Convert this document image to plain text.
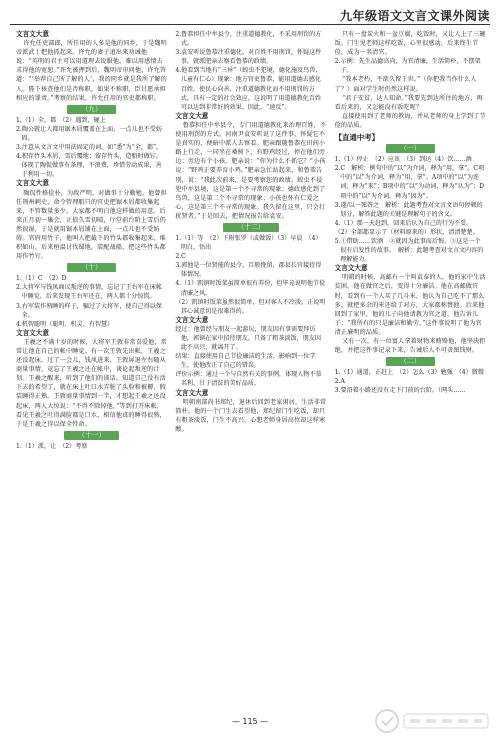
九年级语文文言文课外阅读

文言文大意

许允任吏部郎，所任用的人多是他的同乡，于是魏明帝派武士把他抓起来。许允的妻子追出来劝诫他说：“英明的君主可以用道理去说服他，难以用感情去求得他的宽恕。”许允被押到后，魏明帝审问他，许允答道：“‘举荐自己所了解的人’，我的同乡就是我所了解的人。陛下核查他们是否称职，如果不称职，臣甘愿承担相应的罪责。”考察的结果，许允任用的官吏都称职。

（九）

1.（1）全，都　（2）遇到，碰上

2.陶公就让人都用锯木屑覆盖在上面，一点儿也不受妨碍。

3.注意从文言文中用法固定的词，如“悉”为“全，都”。

4.积存竹头木屑，雪后覆地；留存竹头，造船时做钉。体现了陶侃做事有条理，不浪费，珍惜劳动成果，善于利用一切。

文言文大意

陶侃性格俭朴，为政严明，对做事十分勤勉。他曾担任荆州刺史，命令管理船只的官吏把锯木屑都收集起来，不管数量多少。大家都不明白他这样做的用意。后来正月初一集会，正值久雪初晴，厅堂前台阶上雪后仍然很湿，于是就用锯木屑铺在上面，一点儿也不受妨碍。官府用竹子，他叫人把截下的竹头都收集起来，堆积如山。后来桓温讨伐蜀地，装配战船，把这些竹头都用作竹钉。

（十）

1.（1）C　（2）D

2.大将军与钱凤商议叛逆的事情，忘记了王右军在床帐中睡觉。后来发现王右军还在，两人都十分惊慌。

3.右军装作熟睡的样子，骗过了大将军，使自己得以保全。

4.机智聪明（聪明、机灵、有智慧）

文言文大意

王羲之不满十岁的时候，大将军王敦非常喜爱他，常常让他在自己的帐中睡觉。有一次王敦先出帐，王羲之还没起床。过了一会儿，钱凤进来，王敦屏退左右随从商量事情，竟忘了王羲之还在帐中，谈论起叛逆的计划。王羲之醒来，听到了他们的谈话，知道自己没有活下去的希望了，就在床上吐口水弄脏了头脸和被褥，假装睡得正熟。王敦商量事情到一半，才想起王羲之还没起床，两人大惊说：“不得不除掉他。”等到打开床帐，看见王羲之吐得满脸都是口水，相信他真的睡得很熟，于是王羲之得以保全性命。

（十一）

1.（1）派，让　（2）考察

2.鲁恭担任中牟县令，注重道德教化，不采用刑罚的方式。

3.袁安听说鲁恭注重德化，对百姓不用刑罚，怀疑这件事，就派肥亲去察看鲁恭的政绩。

4.他看到当地有“三异”（蝗虫不犯境，德化施及鸟兽、儿童有仁心）现象：地方官吏鲁恭，能用道德去感化百姓，使民心向善，注重道德教化而不用刑罚的方式，具有一定的社会效应，这说明了用道德教化百姓可以达到非常好的效果。因此，“速反”。

文言文大意

鲁恭担任中牟县令，专门用道德教化来治理百姓，不使用刑罚的方式。河南尹袁安听说了这件事，怀疑它不是真实的，便暗中派人去察看。肥亲跟随鲁恭在田间小路上行走，一同坐在桑树下，有野鸡经过，停在他们旁边；旁边有个小孩。肥亲说：“你为什么不抓它？”小孩说：“野鸡正要养育小鸡。”肥亲急忙站起来，和鲁恭告别，说：“我此次前来，是要考察您的政绩。蝗虫不侵犯中牟县境，这是第一个不寻常的现象；德政感化到了鸟兽，这是第二个不寻常的现象；小孩也怀有仁爱之心，这是第三个不寻常的现象。我久留在这里，只会打扰贤者。”于是回去，把情况报告给袁安。

（十二）

1.（1）等　（2）下附张罗（或做饭）（3）早晨　（4）明白，悟出

2.C

3.郭他是一位贤能的县令，百般挽留，郡县长官接待得体情况。

4.（1）凯镇时饭菜虽简单很有养份，但毕竟说明他节俭清廉之风。

（2）凯镇时饭菜虽然很简单，但对客人不冷淡，正说明其心诚意切是很难得的。

文言文大意

经过：他曾经与朋友一起游玩，朋友因有事需要拜访他，郭镇在家中招待朋友，只备了粗茶淡饭，朋友因此不高兴，就离开了。

结果：直接使用自己节俭廉洁的生活，影响到一位学生，使他改正了自己的错误。

评价示例：通过一个与自然有关的事例，体现人物不慕名利、甘于清贫的美好品质。

文言文大意

明朝南部尚书郑纪，退休后回到老家闲居，生活非常简朴。他的一个门生去看望他，郑纪留门生吃饭，却只有粗茶淡饭，门生不高兴，心想老师身居高位却这样寒酸。

只有一盘炭火和一盆豆腐，吃饭时，又让人上了三碗饭。门生见老师这样吃饭，心里很感动，后来终生节俭，成为一名清官。

2.示例：先生品德高尚，为官清廉，生活简朴，不摆架子。

“我本老朽，不欲久留于世。”（你把我当作什么人了？）面对学生时仍然这样说。

“君子安贫，达人知命。”我要先到达所住的地方，再看后来的，又怎能没有饭吃呢？

直接使用到了老师的教诲，并从老师的身上学到了节俭的品质。

【直通中考】

（一）

1.（1）停止　（2）应该　（3）到达（4）饮……酒

2.C　解析：例句中的“以”为介词，释为“用，拿”。C项中的“以”为介词，释为“用，拿”。A项中的“以”为连词，释为“来”；B项中的“以”为动词，释为“认为”；D项中的“以”为介词，释为“因为”。

3.遂/以一死答之　解析：此题考查对文言文语句停顿的划分，解答此题的关键是理解句子的含义。

4.（1）那一天赶到，回来后认为自己的行为不妥。

（2）全部都显示了（材料原来的）形状，清清楚楚。

5.①借助……饮酒　②就因为此事而后悔。③这是一个很有启发性的故事。　解析：此题考查对文言文内容的理解能力。

文言文大意

明朝的时候，高邮有一个叫袁泰的人，他的家中生活贫困，他在做官之后，变得十分廉洁。他在高邮做官时，看到有一个人买了几斗米，他认为自己吃不了那么多，就把多余的米还给了对方，大家都称赞他。后来他回到了家里，他的儿子向他请教为官之道，他告诉儿子：“我所有的只是廉洁和勤劳。”这件事说明了他为官清正廉明的品质。

又有一次，有一位富人拿着财物来贿赂他，他坚决拒绝，并把这件事记录下来，告诫后人不可贪图钱财。

（二）

1.（1）通道，正赶上　（2）怎么（3）勉强　（4）微微

2.A

3.要沿着小路还没有走下门前的台阶。（网头……

— 115 —
